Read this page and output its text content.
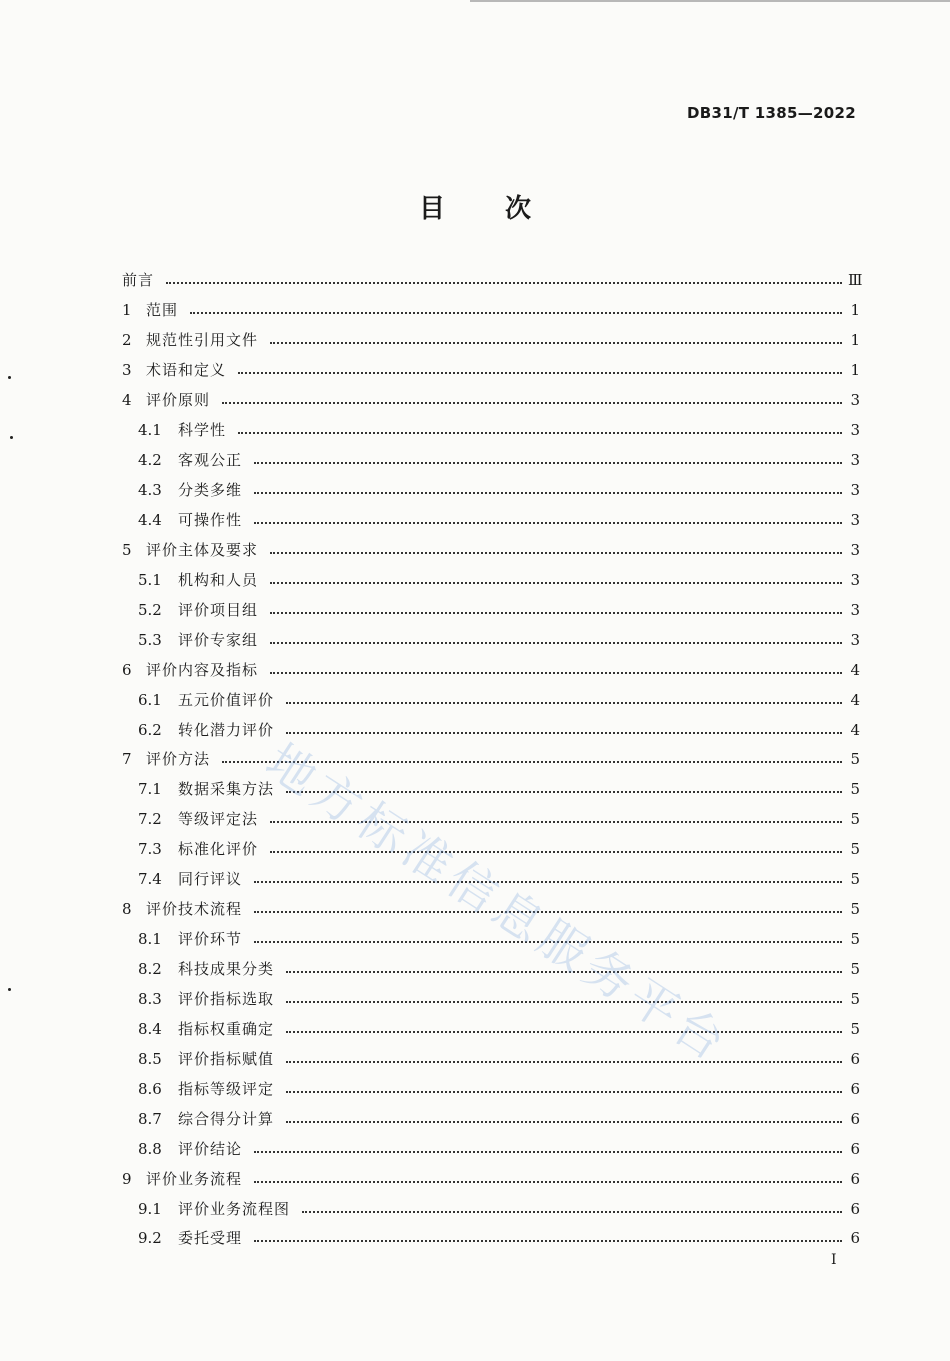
DB31/T 1385—2022
目 次
前言	Ⅲ
1 范围	1
2 规范性引用文件	1
3 术语和定义	1
4 评价原则	3
4.1	科学性	3
4.2	客观公正	3
4.3	分类多维	3
4.4	可操作性	3
5 评价主体及要求	3
5.1	机构和人员	3
5.2	评价项目组	3
5.3	评价专家组	3
6 评价内容及指标	4
6.1	五元价值评价	4
6.2	转化潜力评价	4
7 评价方法	5
7.1	数据采集方法	5
7.2	等级评定法	5
7.3	标准化评价	5
7.4	同行评议	5
8 评价技术流程	5
8.1	评价环节	5
8.2	科技成果分类	5
8.3	评价指标选取	5
8.4	指标权重确定	5
8.5	评价指标赋值	6
8.6	指标等级评定	6
8.7	综合得分计算	6
8.8	评价结论	6
9 评价业务流程	6
9.1	评价业务流程图	6
9.2	委托受理	6
地方标准信息服务平台
I
